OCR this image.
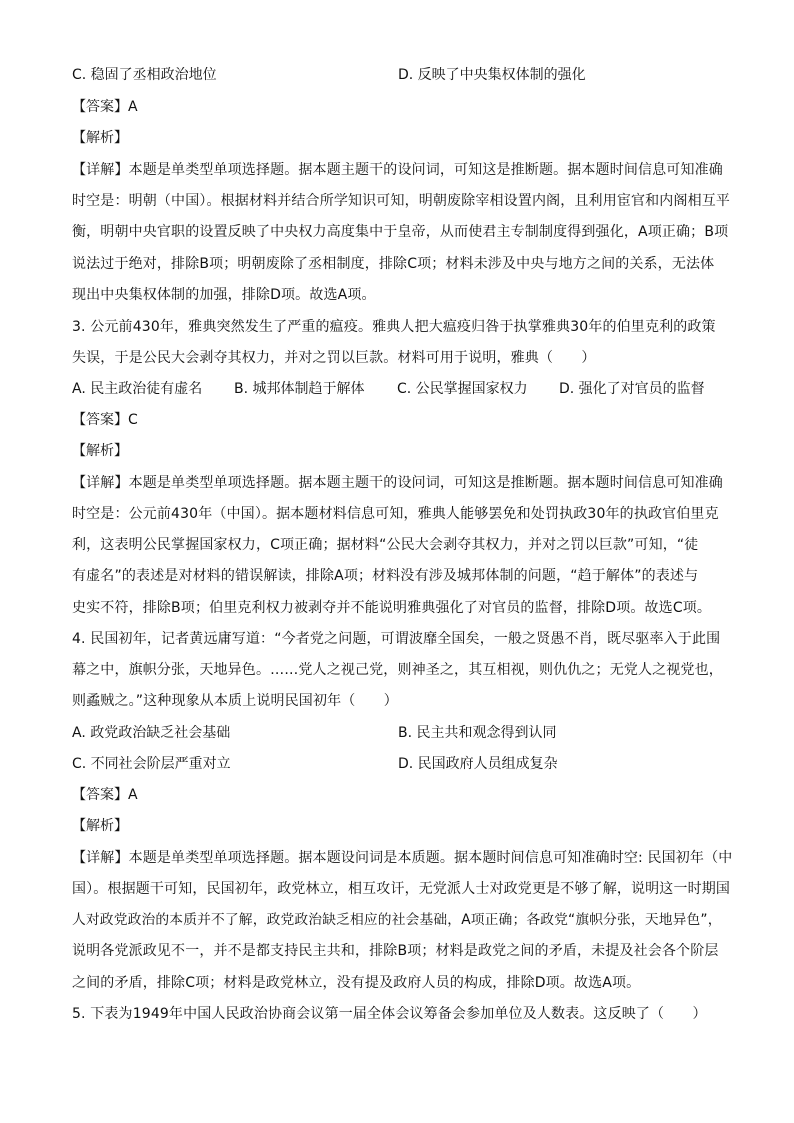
C. 稳固了丞相政治地位	D. 反映了中央集权体制的强化
【答案】A
【解析】
【详解】本题是单类型单项选择题。据本题主题干的设问词，可知这是推断题。据本题时间信息可知准确
时空是：明朝（中国）。根据材料并结合所学知识可知，明朝废除宰相设置内阁，且利用宦官和内阁相互平
衡，明朝中央官职的设置反映了中央权力高度集中于皇帝，从而使君主专制制度得到强化，A项正确；B项
说法过于绝对，排除B项；明朝废除了丞相制度，排除C项；材料未涉及中央与地方之间的关系，无法体
现出中央集权体制的加强，排除D项。故选A项。
3. 公元前430年，雅典突然发生了严重的瘟疫。雅典人把大瘟疫归咎于执掌雅典30年的伯里克利的政策
失误，于是公民大会剥夺其权力，并对之罚以巨款。材料可用于说明，雅典（　　）
A. 民主政治徒有虚名 B. 城邦体制趋于解体 C. 公民掌握国家权力 D. 强化了对官员的监督
【答案】C
【解析】
【详解】本题是单类型单项选择题。据本题主题干的设问词，可知这是推断题。据本题时间信息可知准确
时空是：公元前430年（中国）。据本题材料信息可知，雅典人能够罢免和处罚执政30年的执政官伯里克
利，这表明公民掌握国家权力，C项正确；据材料“公民大会剥夺其权力，并对之罚以巨款”可知，“徒
有虚名”的表述是对材料的错误解读，排除A项；材料没有涉及城邦体制的问题，“趋于解体”的表述与
史实不符，排除B项；伯里克利权力被剥夺并不能说明雅典强化了对官员的监督，排除D项。故选C项。
4. 民国初年，记者黄远庸写道：“今者党之问题，可谓波靡全国矣，一般之贤愚不肖，既尽驱率入于此围
幕之中，旗帜分张，天地异色。……党人之视己党，则神圣之，其互相视，则仇仇之；无党人之视党也，
则蟊贼之。”这种现象从本质上说明民国初年（　　）
A. 政党政治缺乏社会基础	B. 民主共和观念得到认同
C. 不同社会阶层严重对立	D. 民国政府人员组成复杂
【答案】A
【解析】
【详解】本题是单类型单项选择题。据本题设问词是本质题。据本题时间信息可知准确时空: 民国初年（中
国）。根据题干可知，民国初年，政党林立，相互攻讦，无党派人士对政党更是不够了解，说明这一时期国
人对政党政治的本质并不了解，政党政治缺乏相应的社会基础，A项正确；各政党“旗帜分张，天地异色”，
说明各党派政见不一，并不是都支持民主共和，排除B项；材料是政党之间的矛盾，未提及社会各个阶层
之间的矛盾，排除C项；材料是政党林立，没有提及政府人员的构成，排除D项。故选A项。
5. 下表为1949年中国人民政治协商会议第一届全体会议筹备会参加单位及人数表。这反映了（　　）
